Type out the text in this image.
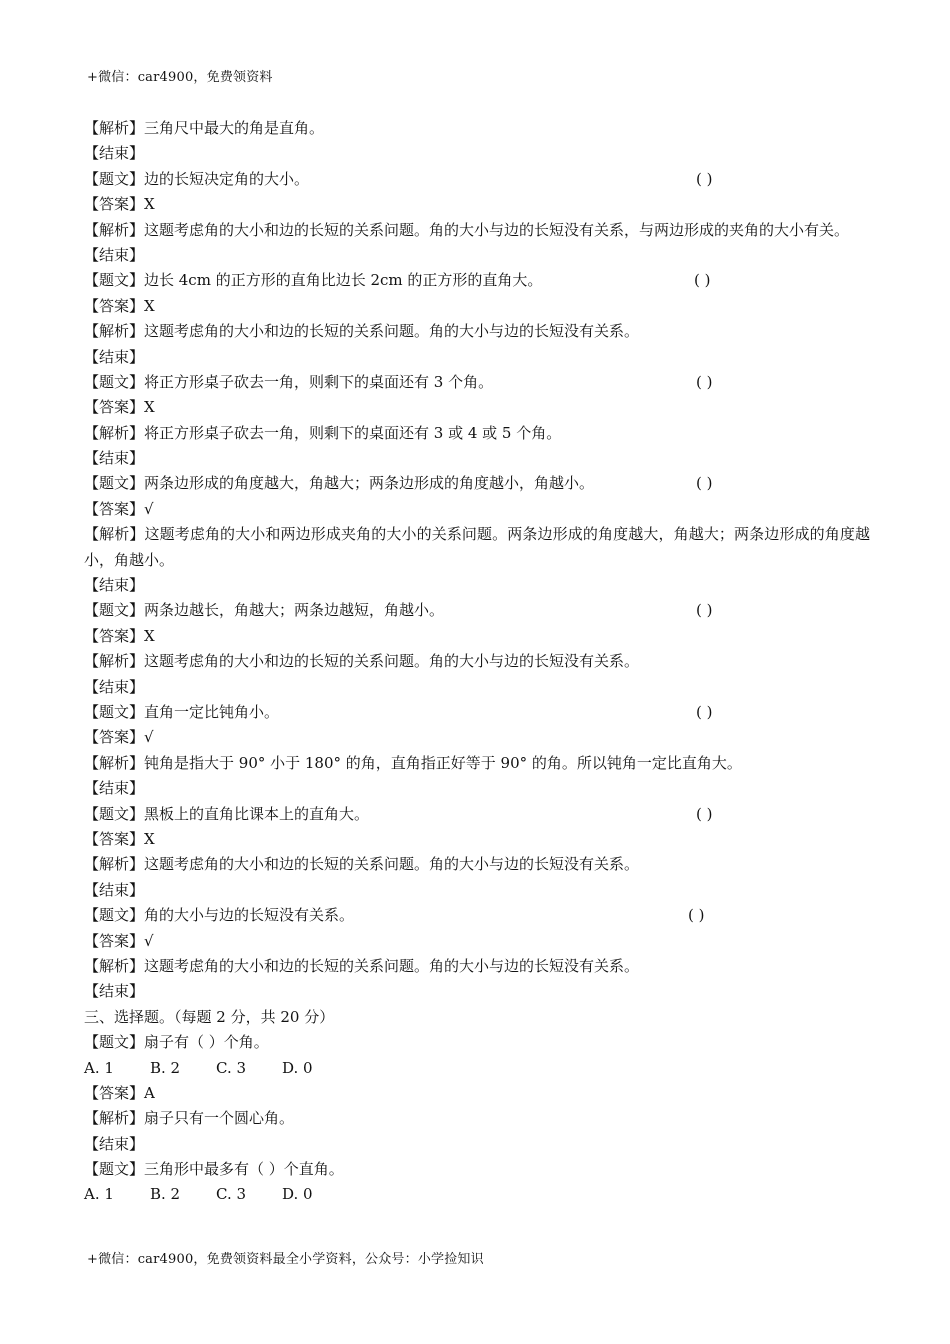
+微信：car4900，免费领资料
【解析】三角尺中最大的角是直角。
【结束】
【题文】边的长短决定角的大小。	( )
【答案】X
【解析】这题考虑角的大小和边的长短的关系问题。角的大小与边的长短没有关系，与两边形成的夹角的大小有关。
【结束】
【题文】边长 4cm 的正方形的直角比边长 2cm 的正方形的直角大。	( )
【答案】X
【解析】这题考虑角的大小和边的长短的关系问题。角的大小与边的长短没有关系。
【结束】
【题文】将正方形桌子砍去一角，则剩下的桌面还有 3 个角。	( )
【答案】X
【解析】将正方形桌子砍去一角，则剩下的桌面还有 3 或 4 或 5 个角。
【结束】
【题文】两条边形成的角度越大，角越大；两条边形成的角度越小，角越小。	( )
【答案】√
【解析】这题考虑角的大小和两边形成夹角的大小的关系问题。两条边形成的角度越大，角越大；两条边形成的角度越小，角越小。
【结束】
【题文】两条边越长，角越大；两条边越短，角越小。	( )
【答案】X
【解析】这题考虑角的大小和边的长短的关系问题。角的大小与边的长短没有关系。
【结束】
【题文】直角一定比钝角小。	( )
【答案】√
【解析】钝角是指大于 90° 小于 180° 的角，直角指正好等于 90° 的角。所以钝角一定比直角大。
【结束】
【题文】黑板上的直角比课本上的直角大。	( )
【答案】X
【解析】这题考虑角的大小和边的长短的关系问题。角的大小与边的长短没有关系。
【结束】
【题文】角的大小与边的长短没有关系。	( )
【答案】√
【解析】这题考虑角的大小和边的长短的关系问题。角的大小与边的长短没有关系。
【结束】
三、选择题。（每题 2 分，共 20 分）
【题文】扇子有（ ）个角。
A. 1 B. 2 C. 3 D. 0
【答案】A
【解析】扇子只有一个圆心角。
【结束】
【题文】三角形中最多有（ ）个直角。
A. 1 B. 2 C. 3 D. 0
+微信：car4900，免费领资料最全小学资料，公众号：小学捡知识
